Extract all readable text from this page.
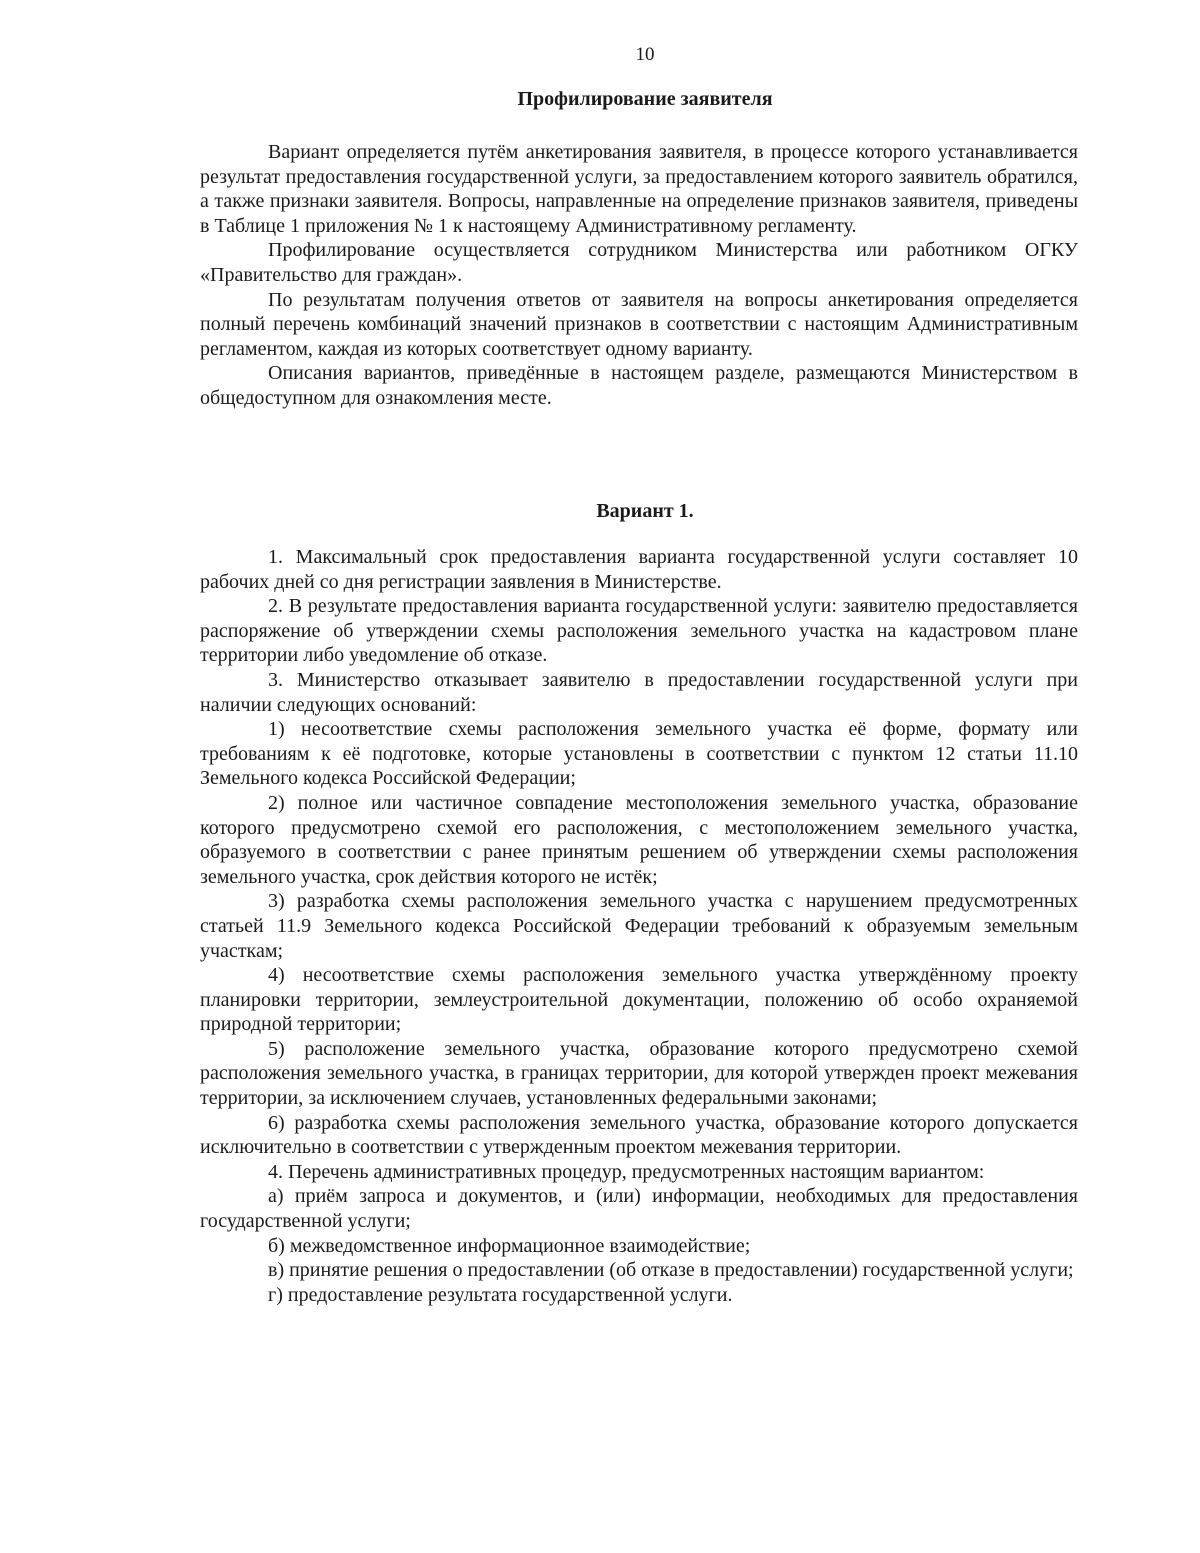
10
Профилирование заявителя

Вариант определяется путём анкетирования заявителя, в процессе которого устанавливается результат предоставления государственной услуги, за предоставлением которого заявитель обратился, а также признаки заявителя. Вопросы, направленные на определение признаков заявителя, приведены в Таблице 1 приложения № 1 к настоящему Административному регламенту.

Профилирование осуществляется сотрудником Министерства или работником ОГКУ «Правительство для граждан».

По результатам получения ответов от заявителя на вопросы анкетирования определяется полный перечень комбинаций значений признаков в соответствии с настоящим Административным регламентом, каждая из которых соответствует одному варианту.

Описания вариантов, приведённые в настоящем разделе, размещаются Министерством в общедоступном для ознакомления месте.

Вариант 1.

1. Максимальный срок предоставления варианта государственной услуги составляет 10 рабочих дней со дня регистрации заявления в Министерстве.

2. В результате предоставления варианта государственной услуги: заявителю предоставляется распоряжение об утверждении схемы расположения земельного участка на кадастровом плане территории либо уведомление об отказе.

3. Министерство отказывает заявителю в предоставлении государственной услуги при наличии следующих оснований:

1) несоответствие схемы расположения земельного участка её форме, формату или требованиям к её подготовке, которые установлены в соответствии с пунктом 12 статьи 11.10 Земельного кодекса Российской Федерации;

2) полное или частичное совпадение местоположения земельного участка, образование которого предусмотрено схемой его расположения, с местоположением земельного участка, образуемого в соответствии с ранее принятым решением об утверждении схемы расположения земельного участка, срок действия которого не истёк;

3) разработка схемы расположения земельного участка с нарушением предусмотренных статьей 11.9 Земельного кодекса Российской Федерации требований к образуемым земельным участкам;

4) несоответствие схемы расположения земельного участка утверждённому проекту планировки территории, землеустроительной документации, положению об особо охраняемой природной территории;

5) расположение земельного участка, образование которого предусмотрено схемой расположения земельного участка, в границах территории, для которой утвержден проект межевания территории, за исключением случаев, установленных федеральными законами;

6) разработка схемы расположения земельного участка, образование которого допускается исключительно в соответствии с утвержденным проектом межевания территории.

4. Перечень административных процедур, предусмотренных настоящим вариантом:

а) приём запроса и документов, и (или) информации, необходимых для предоставления государственной услуги;

б) межведомственное информационное взаимодействие;

в) принятие решения о предоставлении (об отказе в предоставлении) государственной услуги;

г) предоставление результата государственной услуги.
